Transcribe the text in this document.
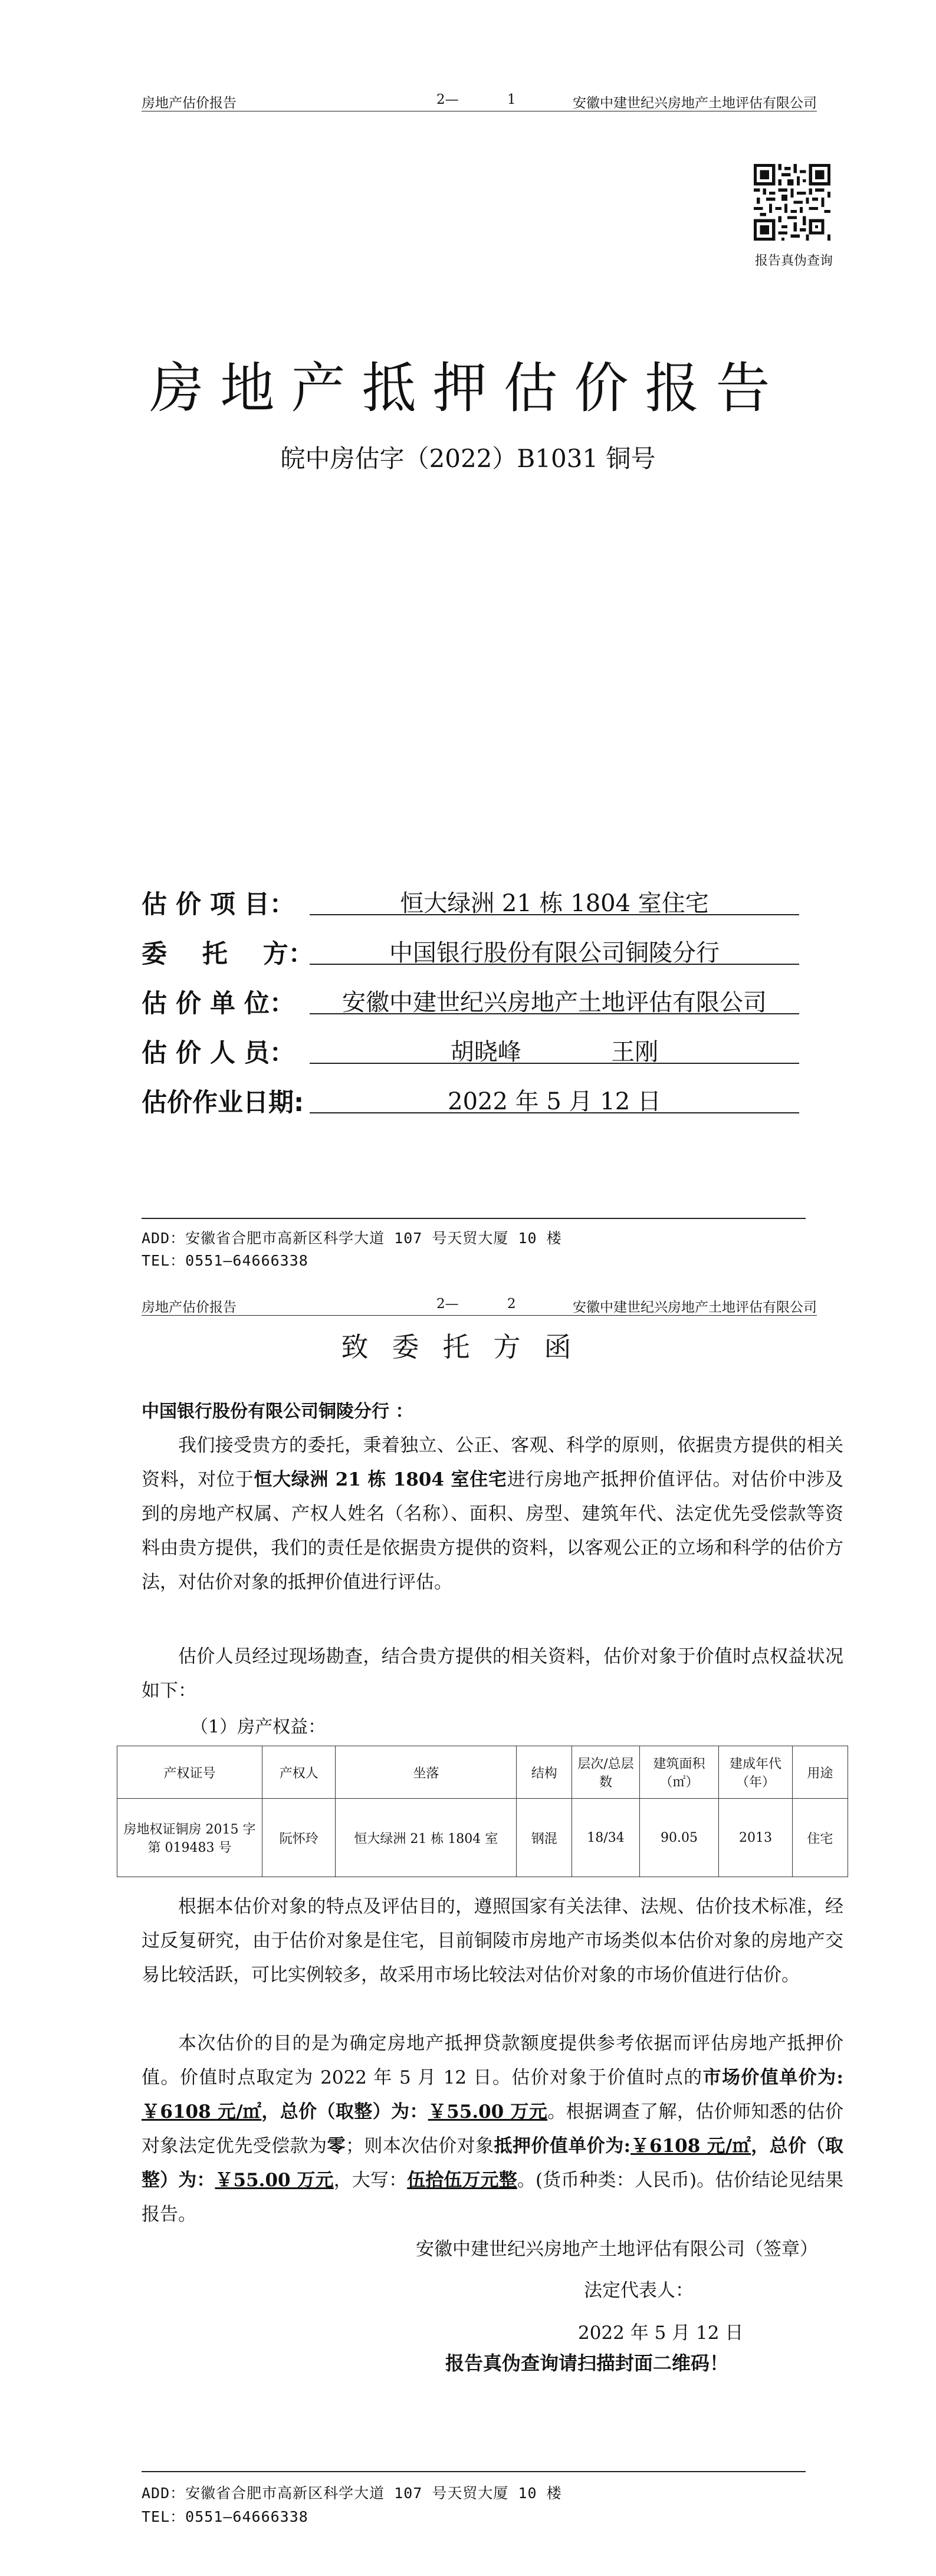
房地产估价报告	2—	1	安徽中建世纪兴房地产土地评估有限公司
报告真伪查询
房地产抵押估价报告
皖中房估字（2022）B1031 铜号
估 价 项 目：	恒大绿洲 21 栋 1804 室住宅
委    托    方：	中国银行股份有限公司铜陵分行
估 价 单 位：	安徽中建世纪兴房地产土地评估有限公司
估 价 人 员：	胡晓峰            王刚
估价作业日期:	2022 年 5 月 12 日
ADD：安徽省合肥市高新区科学大道 107 号天贸大厦 10 楼
TEL：0551—64666338
房地产估价报告	2—	2	安徽中建世纪兴房地产土地评估有限公司
致委托方函
中国银行股份有限公司铜陵分行 ：

我们接受贵方的委托，秉着独立、公正、客观、科学的原则，依据贵方提供的相关资料，对位于恒大绿洲 21 栋 1804 室住宅进行房地产抵押价值评估。对估价中涉及到的房地产权属、产权人姓名（名称）、面积、房型、建筑年代、法定优先受偿款等资料由贵方提供，我们的责任是依据贵方提供的资料，以客观公正的立场和科学的估价方法，对估价对象的抵押价值进行评估。

估价人员经过现场勘查，结合贵方提供的相关资料，估价对象于价值时点权益状况如下：

（1）房产权益：
产权证号	产权人	坐落	结构	层次/总层数	建筑面积（㎡）	建成年代（年）	用途
房地权证铜房 2015 字第 019483 号	阮怀玲	恒大绿洲 21 栋 1804 室	钢混	18/34	90.05	2013	住宅

根据本估价对象的特点及评估目的，遵照国家有关法律、法规、估价技术标准，经过反复研究，由于估价对象是住宅，目前铜陵市房地产市场类似本估价对象的房地产交易比较活跃，可比实例较多，故采用市场比较法对估价对象的市场价值进行估价。

本次估价的目的是为确定房地产抵押贷款额度提供参考依据而评估房地产抵押价值。价值时点取定为 2022 年 5 月 12 日。估价对象于价值时点的市场价值单价为:￥6108 元/㎡，总价（取整）为：￥55.00 万元。根据调查了解，估价师知悉的估价对象法定优先受偿款为零；则本次估价对象抵押价值单价为:￥6108 元/㎡，总价（取整）为：￥55.00 万元，大写：伍拾伍万元整。(货币种类：人民币)。估价结论见结果报告。

安徽中建世纪兴房地产土地评估有限公司（签章）
法定代表人：
2022 年 5 月 12 日
报告真伪查询请扫描封面二维码！
ADD：安徽省合肥市高新区科学大道 107 号天贸大厦 10 楼
TEL：0551—64666338
